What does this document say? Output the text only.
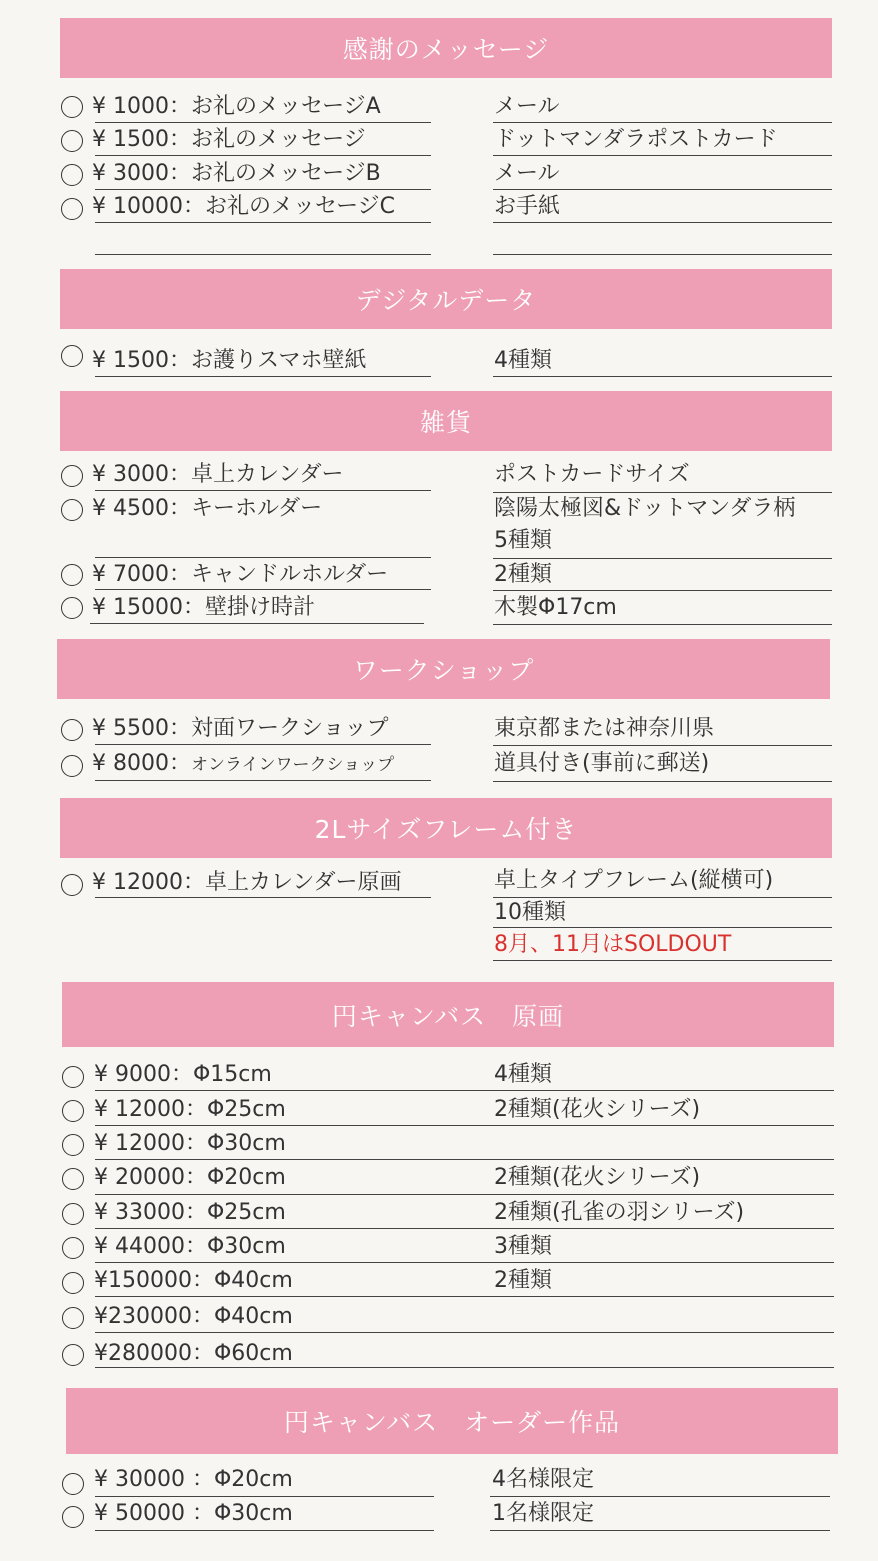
感謝のメッセージ
¥ 1000：お礼のメッセージA	メール
¥ 1500：お礼のメッセージ	ドットマンダラポストカード
¥ 3000：お礼のメッセージB	メール
¥ 10000：お礼のメッセージC	お手紙
デジタルデータ
¥ 1500：お護りスマホ壁紙	4種類
雑貨
¥ 3000：卓上カレンダー	ポストカードサイズ
¥ 4500：キーホルダー	陰陽太極図&ドットマンダラ柄
5種類
¥ 7000：キャンドルホルダー	2種類
¥ 15000：壁掛け時計	木製Φ17cm
ワークショップ
¥ 5500：対面ワークショップ	東京都または神奈川県
¥ 8000：オンラインワークショップ	道具付き(事前に郵送)
2Lサイズフレーム付き
¥ 12000：卓上カレンダー原画	卓上タイプフレーム(縦横可)
10種類
8月、11月はSOLDOUT
円キャンバス　原画
¥ 9000：Φ15cm	4種類
¥ 12000：Φ25cm	2種類(花火シリーズ)
¥ 12000：Φ30cm
¥ 20000：Φ20cm	2種類(花火シリーズ)
¥ 33000：Φ25cm	2種類(孔雀の羽シリーズ)
¥ 44000：Φ30cm	3種類
¥150000：Φ40cm	2種類
¥230000：Φ40cm
¥280000：Φ60cm
円キャンバス　オーダー作品
¥ 30000 ：Φ20cm	4名様限定
¥ 50000 ：Φ30cm	1名様限定
